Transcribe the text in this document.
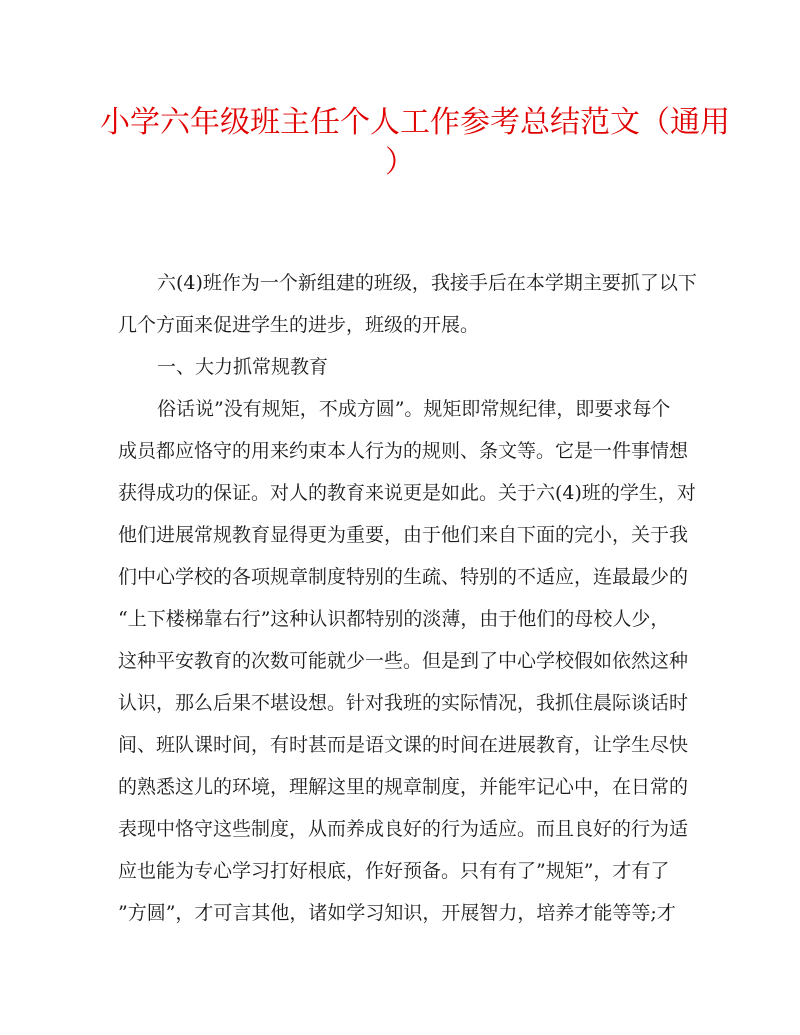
小学六年级班主任个人工作参考总结范文（通用
）
六(4)班作为一个新组建的班级，我接手后在本学期主要抓了以下
几个方面来促进学生的进步，班级的开展。
一、大力抓常规教育
俗话说”没有规矩，不成方圆”。规矩即常规纪律，即要求每个
成员都应恪守的用来约束本人行为的规则、条文等。它是一件事情想
获得成功的保证。对人的教育来说更是如此。关于六(4)班的学生，对
他们进展常规教育显得更为重要，由于他们来自下面的完小，关于我
们中心学校的各项规章制度特别的生疏、特别的不适应，连最最少的
“上下楼梯靠右行”这种认识都特别的淡薄，由于他们的母校人少，
这种平安教育的次数可能就少一些。但是到了中心学校假如依然这种
认识，那么后果不堪设想。针对我班的实际情况，我抓住晨际谈话时
间、班队课时间，有时甚而是语文课的时间在进展教育，让学生尽快
的熟悉这儿的环境，理解这里的规章制度，并能牢记心中，在日常的
表现中恪守这些制度，从而养成良好的行为适应。而且良好的行为适
应也能为专心学习打好根底，作好预备。只有有了”规矩”，才有了
”方圆”，才可言其他，诸如学习知识，开展智力，培养才能等等;才
